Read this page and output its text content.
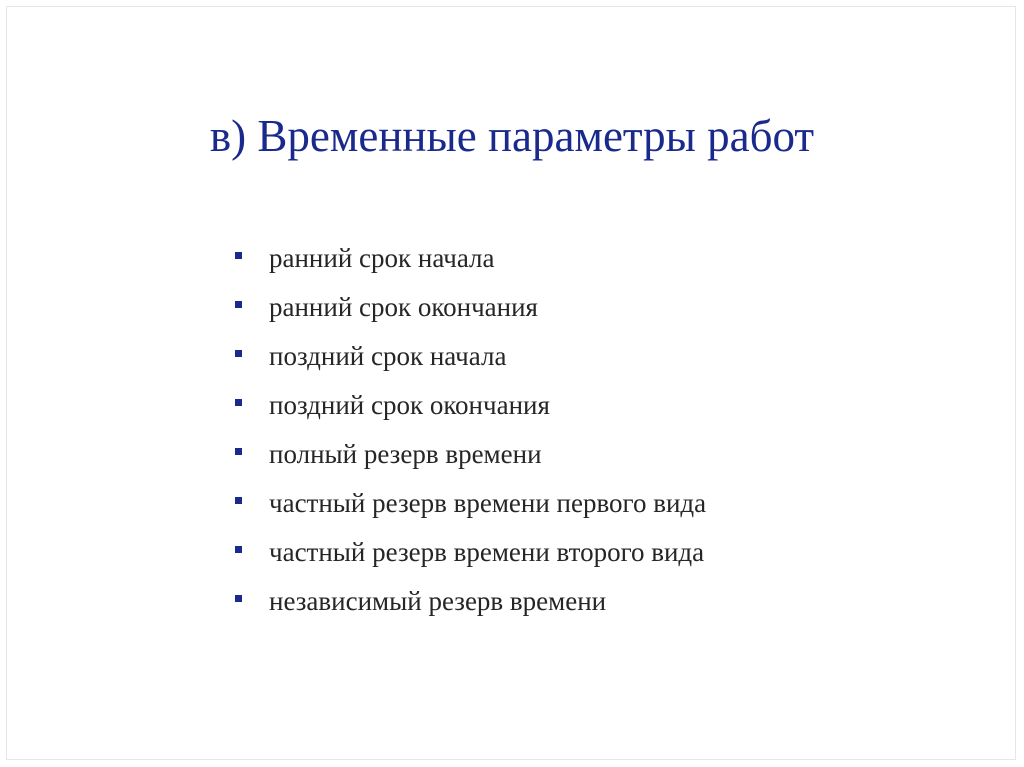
в) Временные параметры работ
ранний срок начала
ранний срок окончания
поздний срок начала
поздний срок окончания
полный резерв времени
частный резерв времени первого вида
частный резерв времени второго вида
независимый резерв времени
